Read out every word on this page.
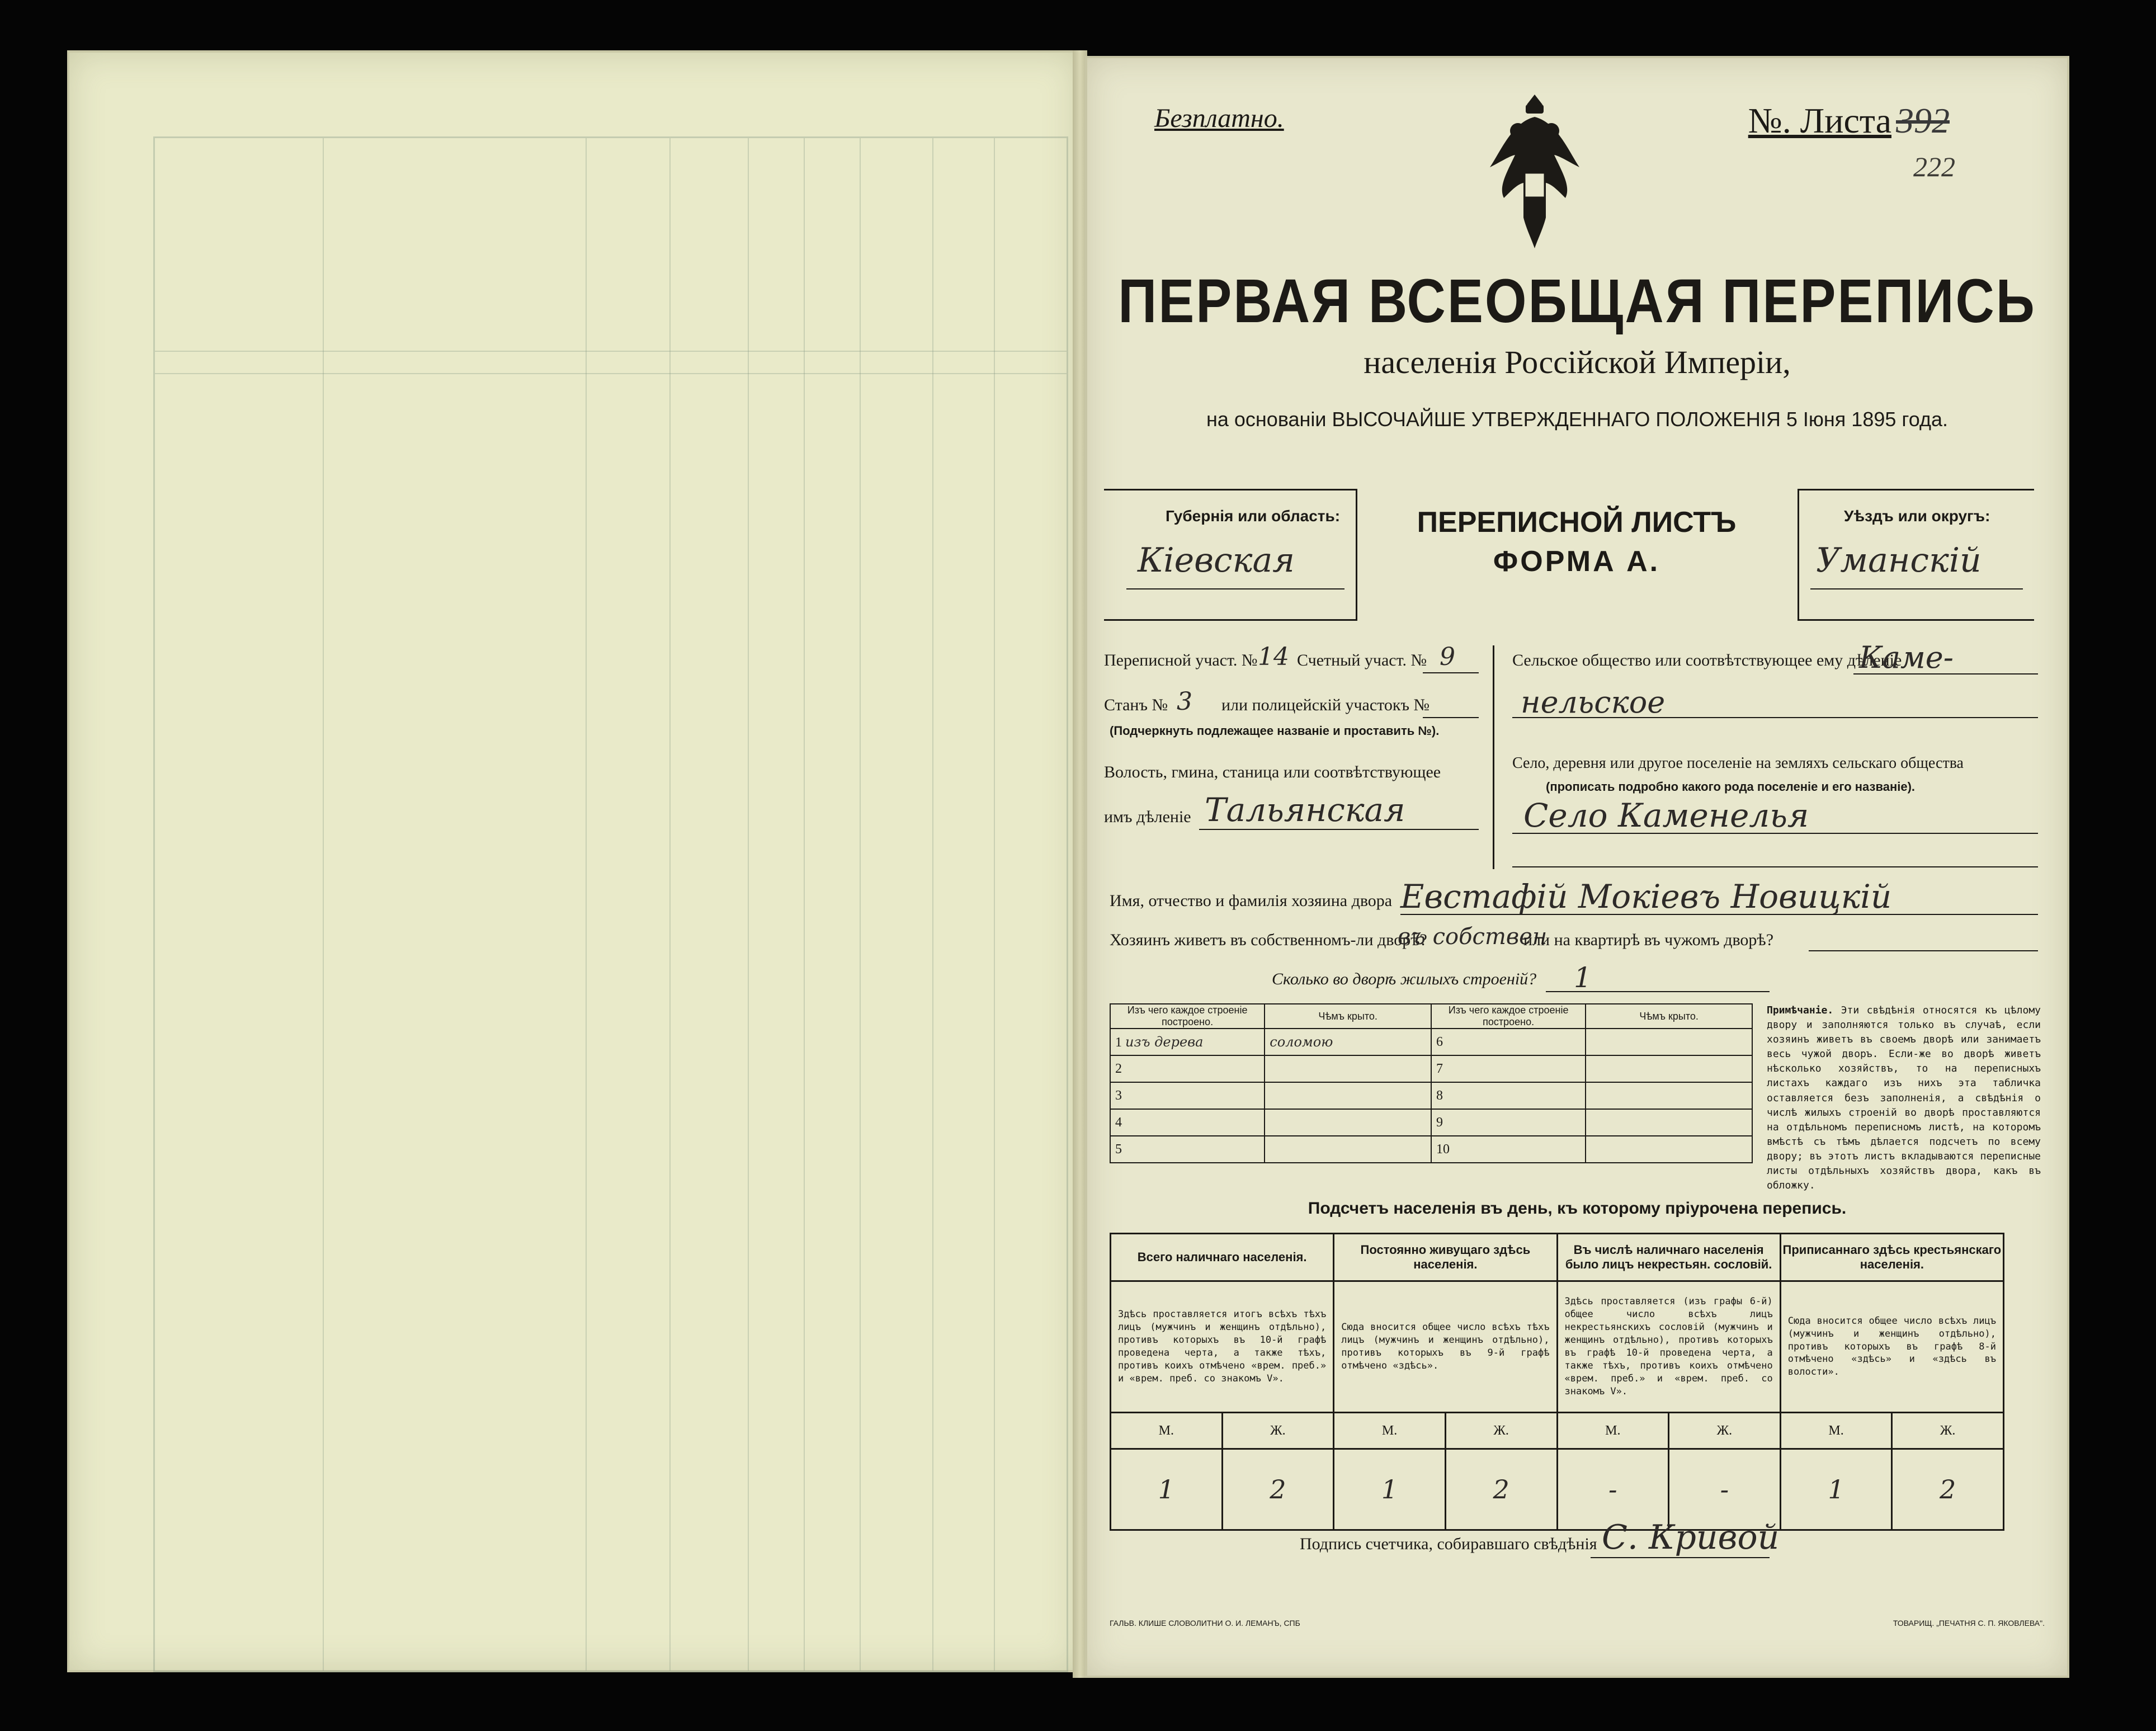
Безплатно.	№. Листа 392
222
ПЕРВАЯ ВСЕОБЩАЯ ПЕРЕПИСЬ
населенія Россійской Имперіи,
на основаніи ВЫСОЧАЙШЕ УТВЕРЖДЕННАГО ПОЛОЖЕНІЯ 5 Іюня 1895 года.
Губернія или область:
Кіевская
ПЕРЕПИСНОЙ ЛИСТЪ
ФОРМА А.
Уѣздъ или округъ:
Уманскій
Переписной участ. № 14 Счетный участ. № 9
Станъ № 3 или полицейскій участокъ №
(Подчеркнуть подлежащее названіе и проставить №).
Волость, гмина, станица или соотвѣтствующее
имъ дѣленіе Тальянская
Сельское общество или соотвѣтствующее ему дѣленіе
Каме-
нельское
Село, деревня или другое поселеніе на земляхъ сельскаго общества
(прописать подробно какого рода поселеніе и его названіе).
Село Каменелья
Имя, отчество и фамилія хозяина двора Евстафій Мокіевъ Новицкій
Хозяинъ живетъ въ собственномъ-ли дворѣ?
въ собствен
или на квартирѣ въ чужомъ дворѣ?
Сколько во дворѣ жилыхъ строеній? 1
Изъ чего каждое строеніе построено.	Чѣмъ крыто.	Изъ чего каждое строеніе построено.	Чѣмъ крыто.
1 изъ дерева	соломою	6	
2		7	
3		8	
4		9	
5		10	
Примѣчаніе. Эти свѣдѣнія относятся къ цѣлому двору и заполняются только въ случаѣ, если хозяинъ живетъ въ своемъ дворѣ или занимаетъ весь чужой дворъ. Если-же во дворѣ живетъ нѣсколько хозяйствъ, то на переписныхъ листахъ каждаго изъ нихъ эта табличка оставляется безъ заполненія, а свѣдѣнія о числѣ жилыхъ строеній во дворѣ проставляются на отдѣльномъ переписномъ листѣ, на которомъ вмѣстѣ съ тѣмъ дѣлается подсчетъ по всему двору; въ этотъ листъ вкладываются переписные листы отдѣльныхъ хозяйствъ двора, какъ въ обложку.
Подсчетъ населенія въ день, къ которому пріурочена перепись.
Всего наличнаго населенія.		Постоянно живущаго здѣсь населенія.		Въ числѣ наличнаго населенія было лицъ некрестьян. сословій.		Приписаннаго здѣсь крестьянскаго населенія.	
Здѣсь проставляется итогъ всѣхъ тѣхъ лицъ (мужчинъ и женщинъ отдѣльно), противъ которыхъ въ 10-й графѣ проведена черта, а также тѣхъ, противъ коихъ отмѣчено «врем. преб.» и «врем. преб. со знакомъ V».		Сюда вносится общее число всѣхъ тѣхъ лицъ (мужчинъ и женщинъ отдѣльно), противъ которыхъ въ 9-й графѣ отмѣчено «здѣсь».		Здѣсь проставляется (изъ графы 6-й) общее число всѣхъ лицъ некрестьянскихъ сословій (мужчинъ и женщинъ отдѣльно), противъ которыхъ въ графѣ 10-й проведена черта, а также тѣхъ, противъ коихъ отмѣчено «врем. преб.» и «врем. преб. со знакомъ V».		Сюда вносится общее число всѣхъ лицъ (мужчинъ и женщинъ отдѣльно), противъ которыхъ въ графѣ 8-й отмѣчено «здѣсь» и «здѣсь въ волости».	
М.	Ж.	М.	Ж.	М.	Ж.	М.	Ж.
1	2	1	2	-	-	1	2
Подпись счетчика, собиравшаго свѣдѣнія С. Кривой
ГАЛЬВ. КЛИШЕ СЛОВОЛИТНИ О. И. ЛЕМАНЪ, СПБ	ТОВАРИЩ. „ПЕЧАТНЯ С. П. ЯКОВЛЕВА".
